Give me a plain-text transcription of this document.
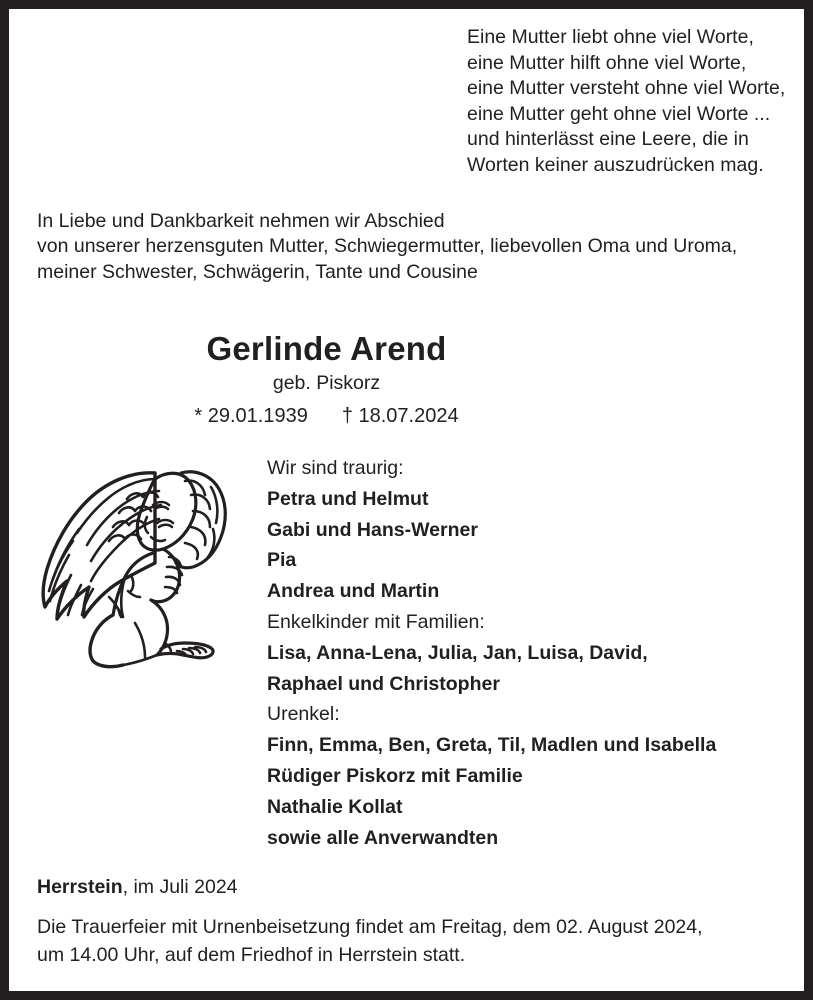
Eine Mutter liebt ohne viel Worte,
eine Mutter hilft ohne viel Worte,
eine Mutter versteht ohne viel Worte,
eine Mutter geht ohne viel Worte ...
und hinterlässt eine Leere, die in
Worten keiner auszudrücken mag.
In Liebe und Dankbarkeit nehmen wir Abschied
von unserer herzensguten Mutter, Schwiegermutter, liebevollen Oma und Uroma,
meiner Schwester, Schwägerin, Tante und Cousine
Gerlinde Arend
geb. Piskorz
* 29.01.1939 † 18.07.2024
Wir sind traurig:
Petra und Helmut
Gabi und Hans-Werner
Pia
Andrea und Martin
Enkelkinder mit Familien:
Lisa, Anna-Lena, Julia, Jan, Luisa, David,
Raphael und Christopher
Urenkel:
Finn, Emma, Ben, Greta, Til, Madlen und Isabella
Rüdiger Piskorz mit Familie
Nathalie Kollat
sowie alle Anverwandten
Herrstein, im Juli 2024
Die Trauerfeier mit Urnenbeisetzung findet am Freitag, dem 02. August 2024,
um 14.00 Uhr, auf dem Friedhof in Herrstein statt.
